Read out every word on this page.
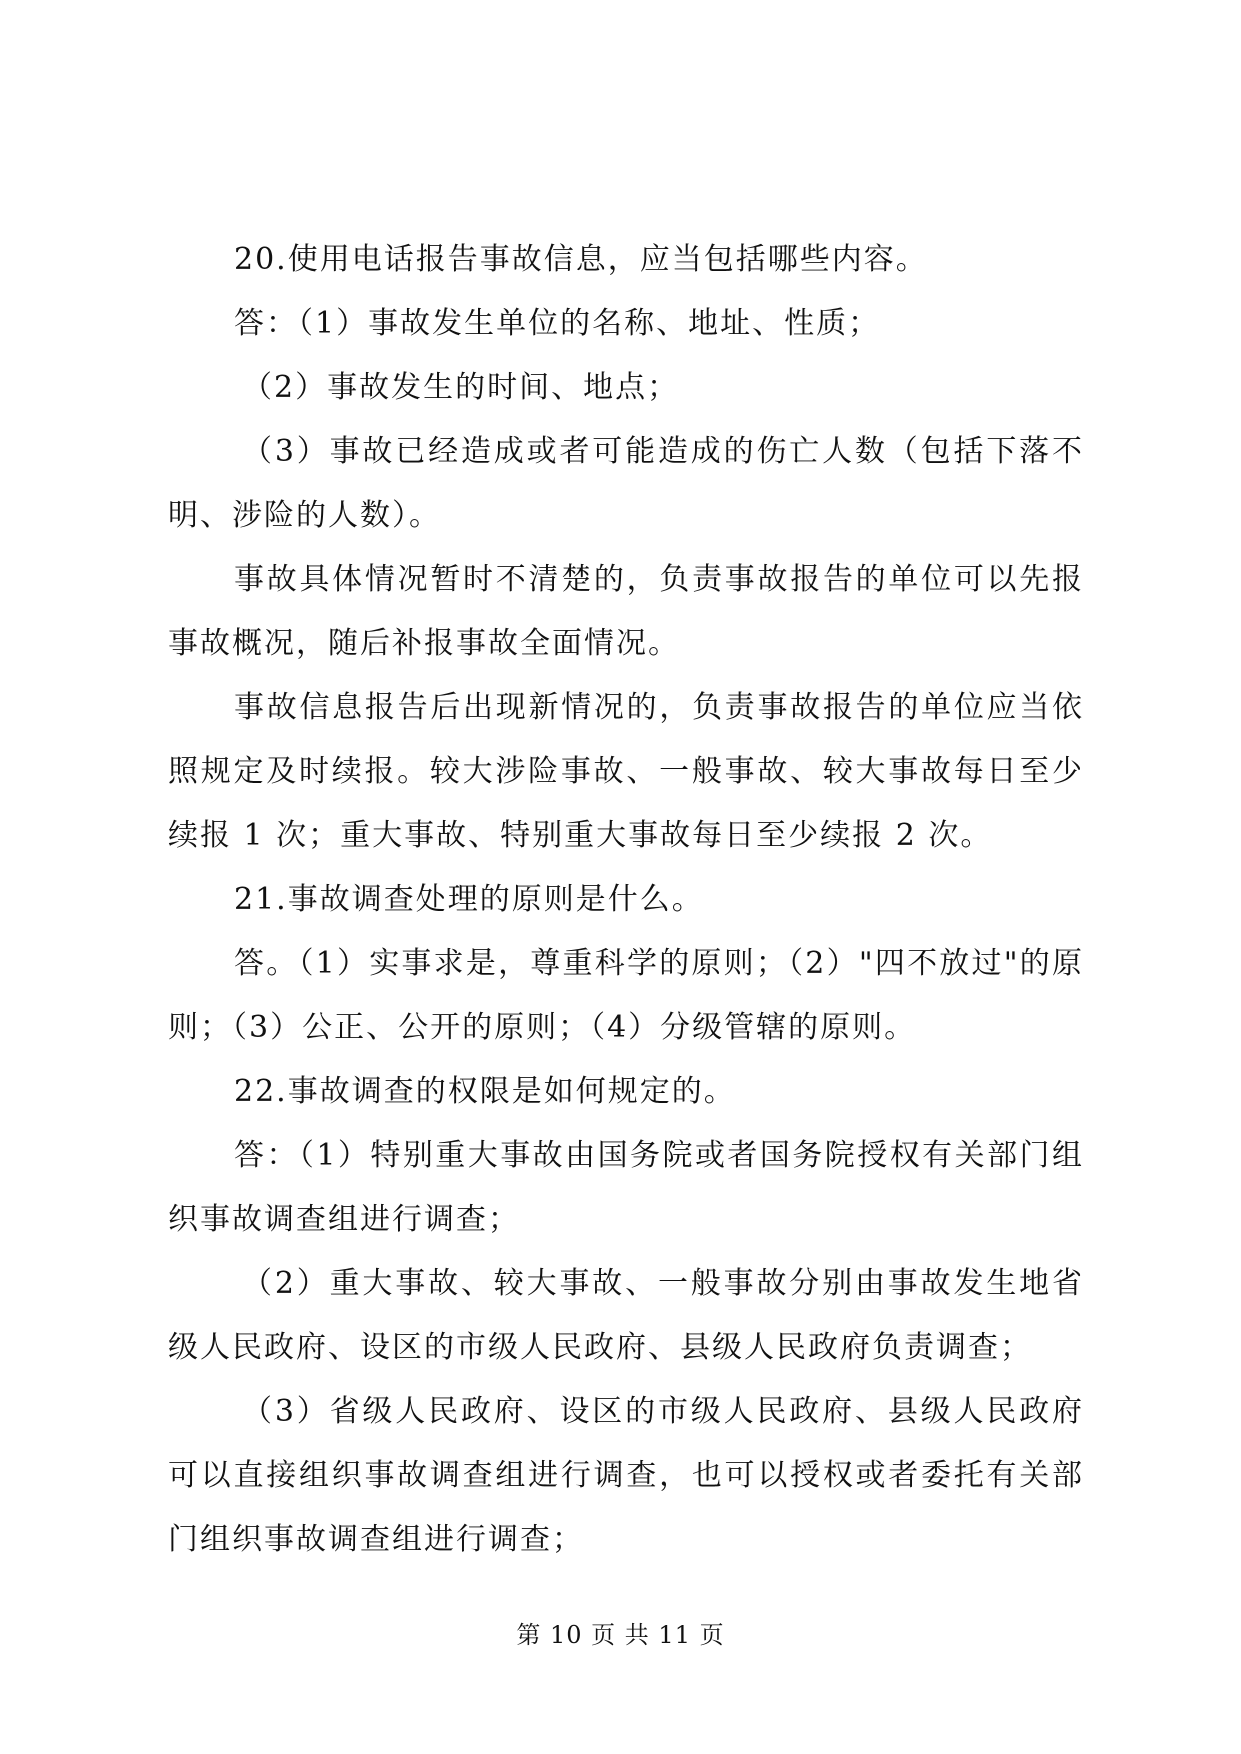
20.使用电话报告事故信息，应当包括哪些内容。

答：（1）事故发生单位的名称、地址、性质；

（2）事故发生的时间、地点；

（3）事故已经造成或者可能造成的伤亡人数（包括下落不明、涉险的人数）。

事故具体情况暂时不清楚的，负责事故报告的单位可以先报事故概况，随后补报事故全面情况。

事故信息报告后出现新情况的，负责事故报告的单位应当依照规定及时续报。较大涉险事故、一般事故、较大事故每日至少续报 1 次；重大事故、特别重大事故每日至少续报 2 次。

21.事故调查处理的原则是什么。

答。（1）实事求是，尊重科学的原则；（2）"四不放过"的原则；（3）公正、公开的原则；（4）分级管辖的原则。

22.事故调查的权限是如何规定的。

答：（1）特别重大事故由国务院或者国务院授权有关部门组织事故调查组进行调查；

（2）重大事故、较大事故、一般事故分别由事故发生地省级人民政府、设区的市级人民政府、县级人民政府负责调查；

（3）省级人民政府、设区的市级人民政府、县级人民政府可以直接组织事故调查组进行调查，也可以授权或者委托有关部门组织事故调查组进行调查；

第 10 页 共 11 页
